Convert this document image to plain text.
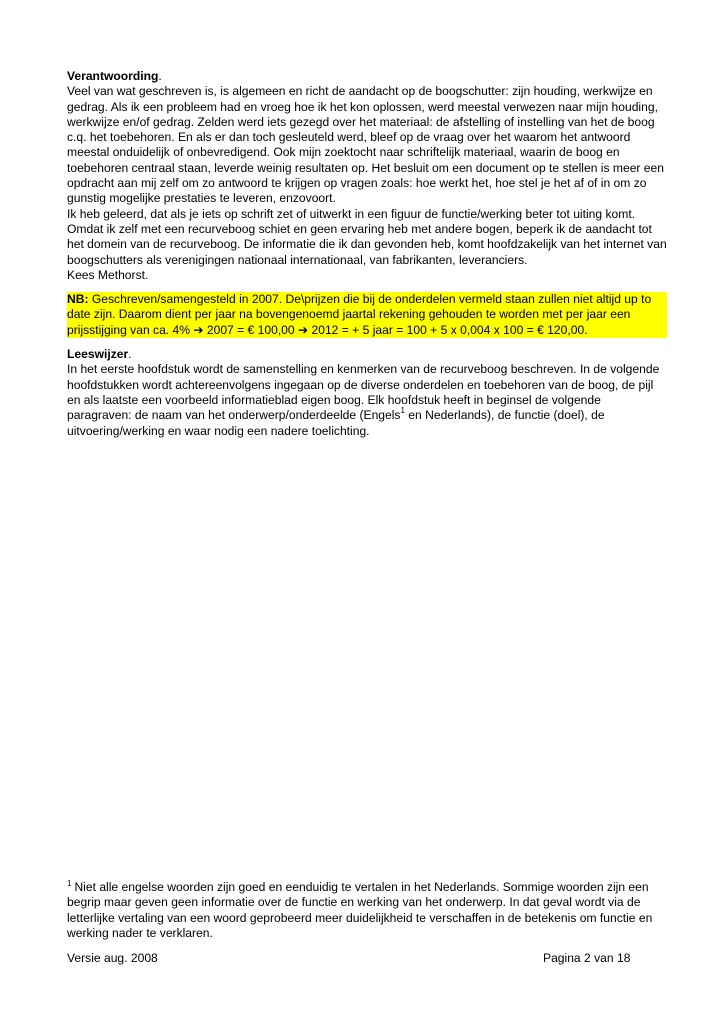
Verantwoording.
Veel van wat geschreven is, is algemeen en richt de aandacht op de boogschutter: zijn houding, werkwijze en gedrag. Als ik een probleem had en vroeg hoe ik het kon oplossen, werd meestal verwezen naar mijn houding, werkwijze en/of gedrag. Zelden werd iets gezegd over het materiaal: de afstelling of instelling van het de boog c.q. het toebehoren. En als er dan toch gesleuteld werd, bleef op de vraag over het waarom het antwoord meestal onduidelijk of onbevredigend. Ook mijn zoektocht naar schriftelijk materiaal, waarin de boog en toebehoren centraal staan, leverde weinig resultaten op. Het besluit om een document op te stellen is meer een opdracht aan mij zelf om zo antwoord te krijgen op vragen zoals: hoe werkt het, hoe stel je het af of in om zo gunstig mogelijke prestaties te leveren, enzovoort.
Ik heb geleerd, dat als je iets op schrift zet of uitwerkt in een figuur de functie/werking beter tot uiting komt.
Omdat ik zelf met een recurveboog schiet en geen ervaring heb met andere bogen, beperk ik de aandacht tot het domein van de recurveboog. De informatie die ik dan gevonden heb, komt hoofdzakelijk van het internet van boogschutters als verenigingen nationaal internationaal, van fabrikanten, leveranciers.
Kees Methorst.

NB: Geschreven/samengesteld in 2007. De\prijzen die bij de onderdelen vermeld staan zullen niet altijd up to date zijn. Daarom dient per jaar na bovengenoemd jaartal rekening gehouden te worden met per jaar een prijsstijging van ca. 4% ➔ 2007 = € 100,00 ➔ 2012 = + 5 jaar = 100 + 5 x 0,004 x 100 = € 120,00.

Leeswijzer.
In het eerste hoofdstuk wordt de samenstelling en kenmerken van de recurveboog beschreven. In de volgende hoofdstukken wordt achtereenvolgens ingegaan op de diverse onderdelen en toebehoren van de boog, de pijl en als laatste een voorbeeld informatieblad eigen boog. Elk hoofdstuk heeft in beginsel de volgende paragraven: de naam van het onderwerp/onderdeelde (Engels$^1$ en Nederlands), de functie (doel), de uitvoering/werking en waar nodig een nadere toelichting.

$^1$ Niet alle engelse woorden zijn goed en eenduidig te vertalen in het Nederlands. Sommige woorden zijn een begrip maar geven geen informatie over de functie en werking van het onderwerp. In dat geval wordt via de letterlijke vertaling van een woord geprobeerd meer duidelijkheid te verschaffen in de betekenis om functie en werking nader te verklaren.
Versie aug. 2008	Pagina 2 van 18
